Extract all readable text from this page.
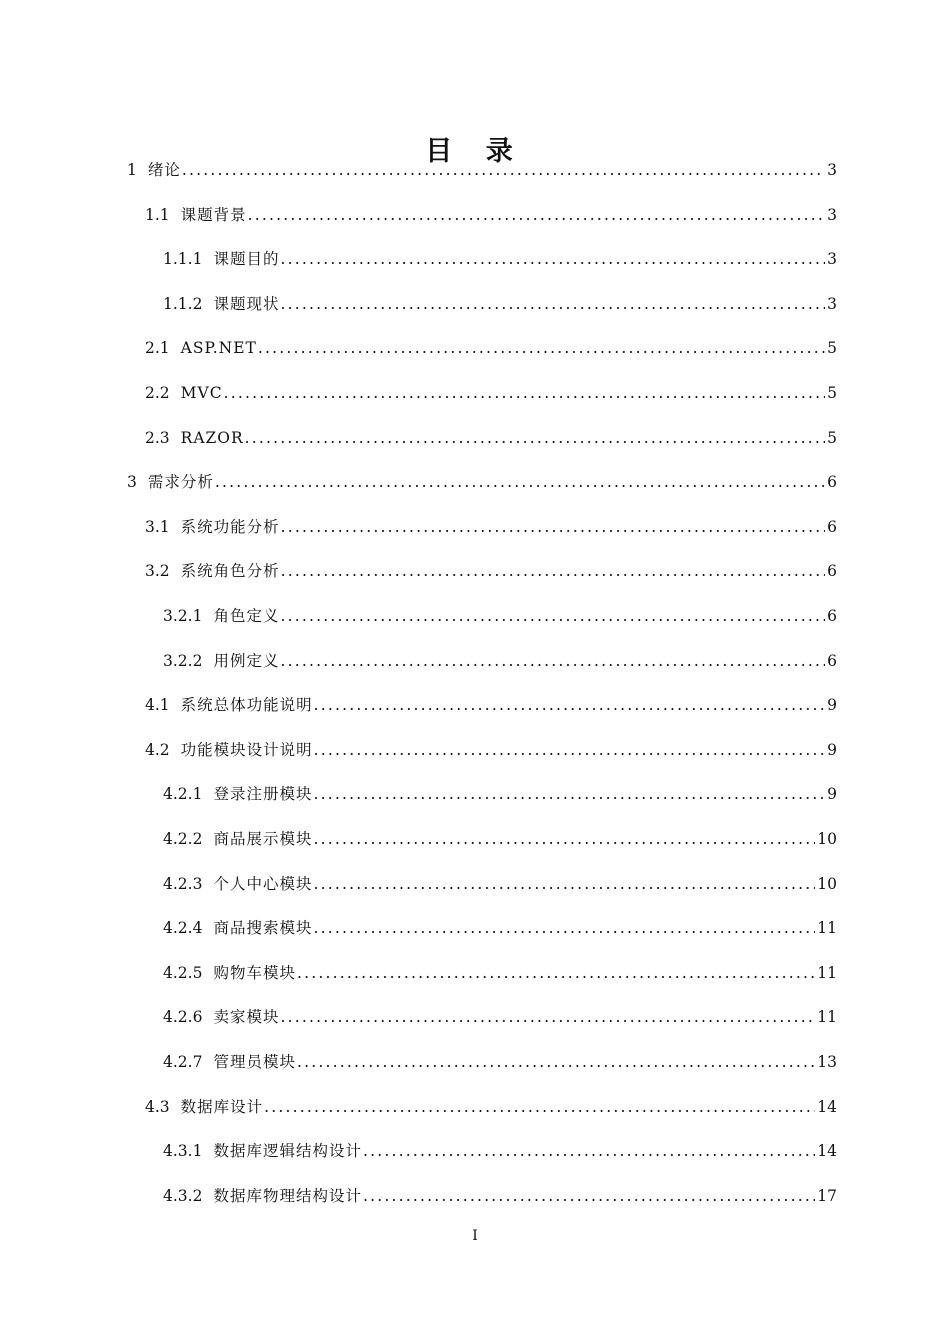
目 录
1 绪论 .....	3
1.1 课题背景 .....	3
1.1.1 课题目的 .....	3
1.1.2 课题现状 .....	3
2.1 ASP.NET .....	5
2.2 MVC .....	5
2.3 RAZOR .....	5
3 需求分析 .....	6
3.1 系统功能分析 .....	6
3.2 系统角色分析 .....	6
3.2.1 角色定义 .....	6
3.2.2 用例定义 .....	6
4.1 系统总体功能说明 .....	9
4.2 功能模块设计说明 .....	9
4.2.1 登录注册模块 .....	9
4.2.2 商品展示模块 .....	10
4.2.3 个人中心模块 .....	10
4.2.4 商品搜索模块 .....	11
4.2.5 购物车模块 .....	11
4.2.6 卖家模块 .....	11
4.2.7 管理员模块 .....	13
4.3 数据库设计 .....	14
4.3.1 数据库逻辑结构设计 .....	14
4.3.2 数据库物理结构设计 .....	17
I
